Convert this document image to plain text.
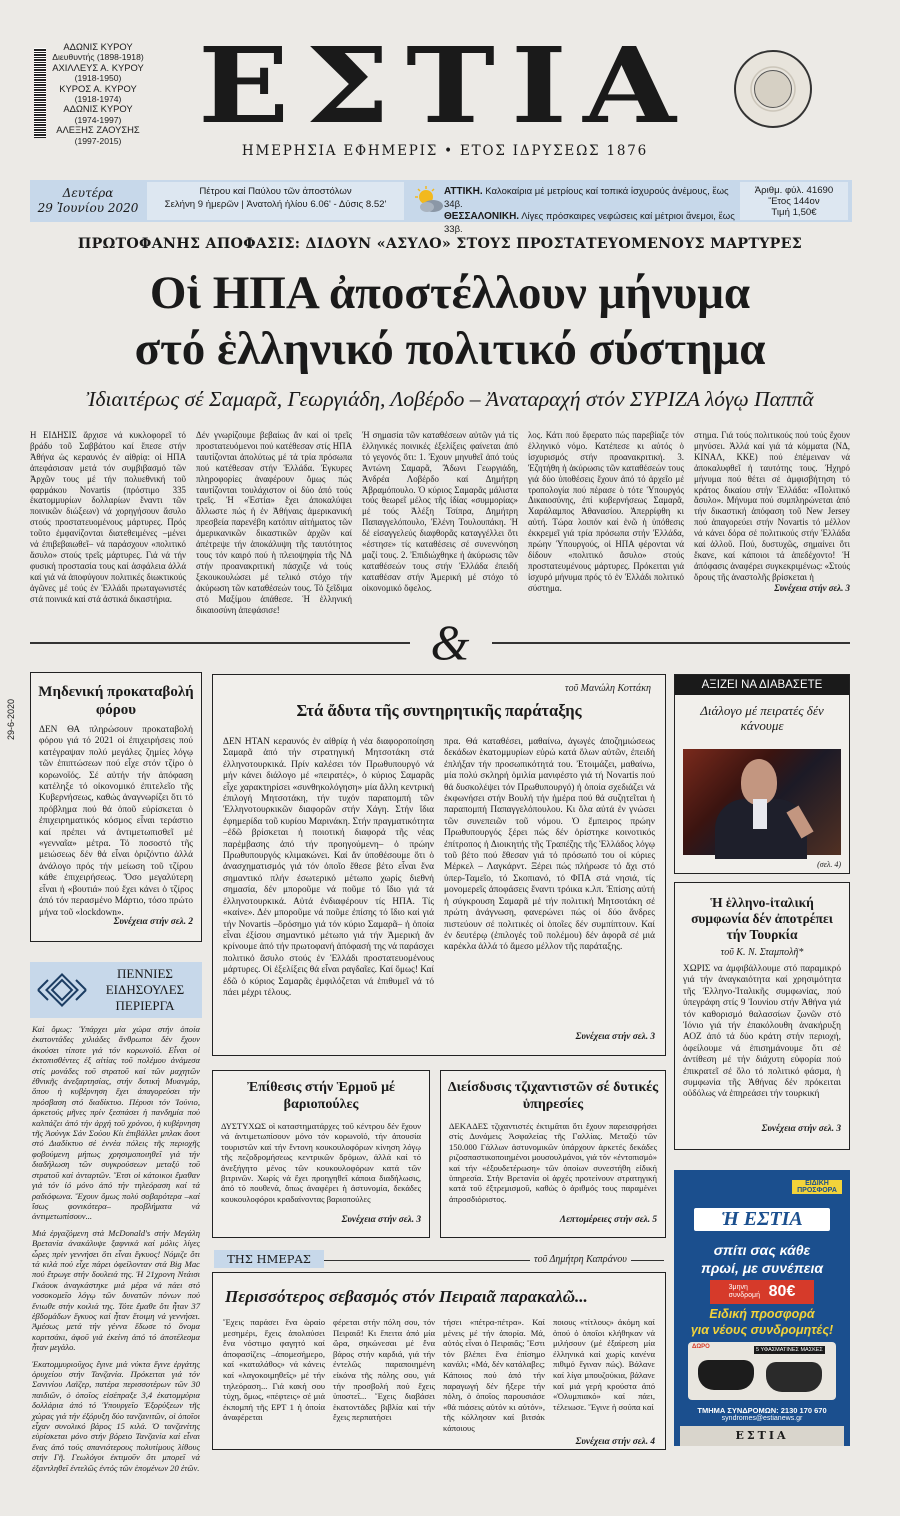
ΑΔΩΝΙΣ ΚΥΡΟΥ
Διευθυντής (1898-1918)
ΑΧΙΛΛΕΥΣ Α. ΚΥΡΟΥ
(1918-1950)
ΚΥΡΟΣ Α. ΚΥΡΟΥ
(1918-1974)
ΑΔΩΝΙΣ ΚΥΡΟΥ
(1974-1997)
ΑΛΕΞΗΣ ΖΑΟΥΣΗΣ
(1997-2015) ΕΣΤΙΑ
ΗΜΕΡΗΣΙΑ ΕΦΗΜΕΡΙΣ • ΕΤΟΣ ΙΔΡΥΣΕΩΣ 1876
Δευτέρα
29 Ἰουνίου 2020
Πέτρου καί Παύλου τῶν ἀποστόλων
Σελήνη 9 ἡμερῶν | Ἀνατολή ἡλίου 6.06' - Δύσις 8.52'
ΑΤΤΙΚΗ. Καλοκαίρια μέ μετρίους καί τοπικά ἰσχυρούς ἀνέμους, ἕως 34β.
ΘΕΣΣΑΛΟΝΙΚΗ. Λίγες πρόσκαιρες νεφώσεις καί μέτριοι ἄνεμοι, ἕως 33β.
Ἀριθμ. φύλ. 41690
Ἔτος 144ον
Τιμή 1,50€
ΠΡΩΤΟΦΑΝΗΣ ΑΠΟΦΑΣΙΣ: ΔΙΔΟΥΝ «ΑΣΥΛΟ» ΣΤΟΥΣ ΠΡΟΣΤΑΤΕΥΟΜΕΝΟΥΣ ΜΑΡΤΥΡΕΣ
Οἱ ΗΠΑ ἀποστέλλουν μήνυμα
στό ἑλληνικό πολιτικό σύστημα
Ἰδιαιτέρως σέ Σαμαρᾶ, Γεωργιάδη, Λοβέρδο – Ἀναταραχή στόν ΣΥΡΙΖΑ λόγῳ Παππᾶ
Η ΕΙΔΗΣΙΣ ἄρχισε νά κυκλοφορεῖ τό βράδυ τοῦ Σαββάτου καί ἔπεσε στήν Ἀθήνα ὡς κεραυνός ἐν αἰθρίᾳ: οἱ ΗΠΑ ἀπεφάσισαν μετά τόν συμβιβασμό τῶν Ἀρχῶν τους μέ τήν πολυεθνική τοῦ φαρμάκου Novartis (πρόστιμο 335 ἑκατομμυρίων δολλαρίων ἔναντι τῶν ποινικῶν διώξεων) νά χορηγήσουν ἄσυλο στούς προστατευομένους μάρτυρες. Πρός τοῦτο ἐμφανίζονται διατεθειμένες –μένει νά ἐπιβεβαιωθεῖ– νά παράσχουν «πολιτικό ἄσυλο» στούς τρεῖς μάρτυρες. Γιά νά τήν φυσική προστασία τους καί ἀσφάλεια ἀλλά καί γιά νά ἀποφύγουν πολιτικές διωκτικούς ἀγῶνες μέ τούς ἐν Ἑλλάδι πρωταγωνιστές στά ποινικά καί στά ἀστικά δικαστήρια.
Δέν γνωρίζουμε βεβαίως ἄν καί οἱ τρεῖς προστατευόμενοι πού κατέθεσαν στίς ΗΠΑ ταυτίζονται ἀπολύτως μέ τά τρία πρόσωπα πού κατέθεσαν στήν Ἑλλάδα. Ἐγκυρες πληροφορίες ἀναφέρουν ὅμως πώς ταυτίζονται τουλάχιστον οἱ δύο ἀπό τούς τρεῖς. Ἡ «Ἑστία» ἔχει ἀποκαλύψει ἄλλωστε πώς ἡ ἐν Ἀθήναις ἀμερικανική πρεσβεία παρενέβη κατόπιν αἰτήματος τῶν ἀμερικανικῶν δικαστικῶν ἀρχῶν καί ἀπέτρεψε τήν ἀποκάλυψη τῆς ταυτότητος τους τόν καιρό πού ἡ πλειοψηφία τῆς ΝΔ στήν προανακριτική πάσχιζε νά τούς ξεκουκουλώσει μέ τελικό στόχο τήν ἀκύρωση τῶν καταθέσεών τους. Τό ξεῖδιμα στό Μαξίμου ἀπάθεσε. Ἡ ἑλληνική δικαιοσύνη ἀπεφάσισε!
Ἡ σημασία τῶν καταθέσεων αὐτῶν γιά τίς ἑλληνικές ποινικές ἐξελίξεις φαίνεται ἀπό τό γεγονός ὅτι: 1. Ἐχουν μηνυθεῖ ἀπό τούς Ἀντώνη Σαμαρᾶ, Ἄδωνι Γεωργιάδη, Ἀνδρέα Λοβέρδο καί Δημήτρη Ἀβραμόπουλο. Ὁ κύριος Σαμαρᾶς μάλιστα τούς θεωρεῖ μέλος τῆς ἰδίας «συμμορίας» μέ τούς Ἀλέξη Τσίπρα, Δημήτρη Παπαγγελόπουλο, Ἐλένη Τουλουπάκη. Ἡ δέ εἰσαγγελεύς διαφθορᾶς καταγγέλλει ὅτι «έστησε» τίς καταθέσεις σέ συνεννόηση μαζί τους. 2. Ἐπιδιώχθηκε ἡ ἀκύρωσις τῶν καταθέσεών τους στήν Ἑλλάδα ἐπειδή καταθέσαν στήν Ἀμερική μέ στόχο τό οἰκονομικό ὄφελος.
λος. Κάτι πού ἔφερατο πώς παρεβίαζε τόν ἑλληνικό νόμο. Κατέπεσε κι αὐτός ὁ ἰσχυρισμός στήν προανακριτική. 3. Ἐζητήθη ἡ ἀκύρωσις τῶν καταθέσεών τους γιά δύο ὑποθέσεις ἔχουν ἀπό τό ἀρχεῖο μέ τροπολογία πού πέρασε ὁ τότε Ὑπουργός Δικαιοσύνης, ἐπί κυβερνήσεως Σαμαρᾶ, Χαράλαμπος Ἀθανασίου. Ἀπερρίφθη κι αὐτή. Τώρα λοιπόν καί ἐνῶ ἡ ὑπόθεσις ἐκκρεμεῖ γιά τρία πρόσωπα στήν Ἑλλάδα, πρώην Ὑπουργούς, οἱ ΗΠΑ φέρονται νά δίδουν «πολιτικό ἄσυλο» στούς προστατευμένους μάρτυρες. Πρόκειται γιά ἰσχυρό μήνυμα πρός τό ἐν Ἑλλάδι πολιτικό σύστημα.
στημα. Γιά τούς πολιτικούς πού τούς ἔχουν μηνύσει. Ἀλλά καί γιά τά κόμματα (ΝΔ, ΚΙΝΑΛ, ΚΚΕ) πού ἐπέμειναν νά ἀποκαλυφθεῖ ἡ ταυτότης τους. Ἠχηρό μήνυμα πού θέτει σέ ἀμφισβήτηση τό κράτος δικαίου στήν Ἑλλάδα: «Πολιτικό ἄσυλο». Μήνυμα πού συμπληρώνεται ἀπό τήν δικαστική ἀπόφαση τοῦ New Jersey πού ἀπαγορεύει στήν Novartis τό μέλλον νά κάνει δόρα σέ πολιτικούς στήν Ἑλλάδα καί ἀλλοῦ. Πού, δυστυχῶς, σημαίνει ὅτι ἔκανε, καί κάποιοι τά ἀπεδέχοντο! Ἡ ἀπόφασις ἀναφέρει συγκεκριμένως: «Στούς ὅρους τῆς ἀναστολῆς βρίσκεται ἡ
Συνέχεια στήν σελ. 3
&
29-6-2020
Μηδενική προκαταβολή φόρου
ΔΕΝ ΘΑ πληρώσουν προκαταβολή φόρου γιά τό 2021 οἱ ἐπιχειρήσεις πού κατέγραψαν πολύ μεγάλες ζημίες λόγῳ τῶν ἐπιπτώσεων πού εἶχε στόν τζίρο ὁ κορωνοϊός. Σέ αὐτήν τήν ἀπόφαση κατέληξε τό οἰκονομικό ἐπιτελεῖο τῆς Κυβερνήσεως, καθώς ἀναγνωρίζει ὅτι τό πρόβλημα πού θά ὁποῦ εὐρίσκεται ὁ ἐπιχειρηματικός κόσμος εἶναι τεράστιο καί πρέπει νά ἀντιμετωπισθεῖ μέ «γενναῖα» μέτρα. Τό ποσοστό τῆς μειώσεως δέν θά εἶναι ὁριζόντιο ἀλλά ἀνάλογο πρός τήν μείωση τοῦ τζίρου κάθε ἐπιχειρήσεως. Ὅσο μεγαλύτερη εἶναι ἡ «βουτιά» πού ἔχει κάνει ὁ τζίρος ἀπό τόν περασμένο Μάρτιο, τόσο πρώτο μήνα τοῦ «lockdown».
Συνέχεια στήν σελ. 2
ΠΕΝΝΙΕΣ ΕΙΔΗΣΟΥΛΕΣ ΠΕΡΙΕΡΓΑ

Καί ὅμως: Ὑπάρχει μία χώρα στήν ὁποία ἑκατοντάδες χιλιάδες ἄνθρωποι δέν ἔχουν ἀκούσει τίποτε γιά τόν κορωνοϊό. Εἶναι οἱ ἐκτοπισθέντες ἐξ αἰτίας τοῦ πολέμου ἀνάμεσα στίς μονάδες τοῦ στρατοῦ καί τῶν μαχητῶν ἐθνικῆς ἀνεξαρτησίας, στήν δυτική Μυανμάρ, ὅπου ἡ κυβέρνηση ἔχει ἀπαγορεύσει τήν πρόσβαση στό διαδίκτυο. Πέρυσι τόν Ἰούνιο, ἀρκετούς μῆνες πρίν ξεσπάσει ἡ πανδημία πού καλπάζει ἀπό τήν ἀρχή τοῦ χρόνου, ἡ κυβέρνηση τῆς Ἀούνγκ Σάν Σούου Κίι ἐπιβάλλει μπλακ ἄουτ στό Διαδίκτυο σέ ἑννέα πόλεις τῆς περιοχῆς φοβούμενη μήπως χρησιμοποιηθεῖ γιά τήν διαδήλωση τῶν συγκρούσεων μεταξύ τοῦ στρατοῦ καί ἀνταρτῶν. Ἔτσι οἱ κάτοικοι ἔμαθαν γιά τόν ἰό μόνο ἀπό τήν τηλεόραση καί τά ραδιόφωνα. Ἔχουν ὅμως πολύ σοβαρότερα –καί ἴσως φονικότερα– προβλήματα νά ἀντιμετωπίσουν...

Μιά ἐργαζόμενη στά McDonald's στήν Μεγάλη Βρετανία ἀνακάλυψε ξαφνικά καί μόλις λίγες ὧρες πρίν γεννήσει ὅτι εἶναι ἔγκυος! Νόμιζε ὅτι τά κιλά πού εἶχε πάρει ὀφείλονταν στά Big Mac πού ἔτρωγε στήν δουλειά της. Ἡ 21χρονη Ντάισι Γκάουκ ἀναγκάστηκε μιά μέρα νά πάει στό νοσοκομεῖο λόγῳ τῶν δυνατῶν πόνων πού ἔνιωθε στήν κοιλιά της. Τότε ἔμαθε ὅτι ἦταν 37 ἑβδομάδων ἔγκυος καί ἦταν ἕτοιμη νά γεννήσει. Ἀμέσως μετά τήν γέννα ἔδωσε τό ὄνομα κοριτσάκι, ἀφοῦ γιά ἐκείνη ἀπό τό ἀποτέλεσμα ἦταν μεγάλο.

Ἑκατομμυριοῦχος ἔγινε μιά νύκτα ἔγινε ἐργάτης ὀρυχείου στήν Τανζανία. Πρόκειται γιά τόν Σανινίου Λαϊζερ, πατέρα περισσοτέρων τῶν 30 παιδιῶν, ὁ ὁποῖος εἰσέπραξε 3,4 ἑκατομμύρια δολλάρια ἀπό τό Ὑπουργεῖο Ἐξορύξεων τῆς χώρας γιά τήν ἐξόρυξη δύο τανζανιτῶν, οἱ ὁποῖοι εἶχαν συνολικό βάρος 15 κιλά. Ὁ τανζανίτης εὑρίσκεται μόνο στήν βόρειο Τανζανία καί εἶναι ἕνας ἀπό τούς σπανιότερους πολυτίμους λίθους στήν Γῆ. Γεωλόγοι ἐκτιμοῦν ὅτι μπορεῖ νά ἐξαντληθεῖ ἐντελῶς ἐντός τῶν ἑπομένων 20 ἐτῶν.

τοῦ Μανώλη Κοττάκη
Στά ἄδυτα τῆς συντηρητικῆς παράταξης
ΔΕΝ ΗΤΑΝ κεραυνός ἐν αἰθρίᾳ ἡ νέα διαφοροποίηση Σαμαρᾶ ἀπό τήν στρατηγική Μητσοτάκη στά ἐλληνοτουρκικά. Πρίν καλέσει τόν Πρωθυπουργό νά μήν κάνει διάλογο μέ «πειρατές», ὁ κύριος Σαμαρᾶς εἶχε χαρακτηρίσει «συνθηκολόγηση» μία ἄλλη κεντρική ἐπιλογή Μητσοτάκη, τήν τυχόν παραπομπή τῶν Ἑλληνοτουρκικῶν διαφορῶν στήν Χάγη. Στήν ἴδια ἐφημερίδα τοῦ κυρίου Μαρινάκη. Στήν πραγματικότητα –ἐδῶ βρίσκεται ἡ ποιοτική διαφορά τῆς νέας παρέμβασης ἀπό τήν προηγούμενη– ὁ πρώην Πρωθυπουργός κλιμακώνει. Καί ἄν ὑποθέσουμε ὅτι ὁ ἀνασχηματισμός γιά τόν ὁποῖο ἔθεσε βέτο εἶναι ἕνα σημαντικό πλήν ἐσωτερικό μέτωπο χωρίς διεθνή σημασία, δέν μποροῦμε νά ποῦμε τό ἴδιο γιά τά ἑλληνοτουρκικά. Αὐτά ἐνδιαφέρουν τίς ΗΠΑ. Τίς «καίνε». Δέν μποροῦμε νά ποῦμε ἐπίσης τό ἴδιο καί γιά τήν Novartis –ὅρόσημο γιά τόν κύριο Σαμαρᾶ– ἡ ὁποία εἶναι ἐξίσου σημαντικό μέτωπο γιά τήν Ἀμερική ἄν κρίνουμε ἀπό τήν πρωτοφανή ἀπόφασή της νά παράσχει πολιτικό ἄσυλο στούς ἐν Ἑλλάδι προστατευομένους μάρτυρες. Οἱ ἐξελίξεις θά εἶναι ραγδαῖες. Καί ὅμως! Καί ἐδῶ ὁ κύριος Σαμαρᾶς ἐμφιλόζεται νά ἐπιθυμεῖ νά τό πάει μέχρι τέλους.
πρα. Θά καταθέσει, μαθαίνω, ἀγωγές ἀποζημιώσεως δεκάδων ἑκατομμυρίων εὐρώ κατά ὅλων αὐτῶν, ἐπειδή ἐπλήξαν τήν προσωπικότητά του. Ἐτοιμάζει, μαθαίνω, μία πολύ σκληρή ὁμιλία μανιφέστο γιά τή Novartis πού θά δυσκολέψει τόν Πρωθυπουργό) ἡ ὁποία σχεδιάζει νά ἐκφωνήσει στήν Βουλή τήν ἡμέρα πού θά συζητεῖται ἡ παραπομπή Παπαγγελόπουλου. Κι ὅλα αὐτά ἐν γνώσει τῶν συνεπειῶν τοῦ νόμου. Ὁ ἔμπειρος πρώην Πρωθυπουργός ξέρει πώς δέν ὁρίστηκε κοινοτικός ἐπίτροπος ἡ Διοικητής τῆς Τραπέζης τῆς Ἑλλάδος λόγῳ τοῦ βέτο πού ἔθεσαν γιά τό πρόσωπό του οἱ κύριες Μέρκελ – Λαγκάρντ. Ξέρει πώς πλήρωσε τό ἄχι στό ὑπερ-Ταμεῖο, τό Σκοπιανό, τό ΦΠΑ στά νησιά, τίς μονομερεῖς ἀποφάσεις ἔναντι τρόικα κ.λπ. Ἐπίσης αὐτή ἡ σύγκρουση Σαμαρᾶ μέ τήν πολιτική Μητσοτάκη σέ πρώτη ἀνάγνωση, φανερώνει πώς οἱ δύο ἄνδρες πιστεύουν σέ πολιτικές οἱ ὁποῖες δέν συμπίπτουν. Καί ἐν δευτέρῳ (ἐπιλογές τοῦ πολέμου) δέν ἀφορᾶ σέ μιά καρέκλα ἀλλά τό ἄμεσο μέλλον τῆς παράταξης.
Συνέχεια στήν σελ. 3
ΑΞΙΖΕΙ ΝΑ ΔΙΑΒΑΣΕΤΕ
Διάλογο μέ πειρατές δέν κάνουμε
(σελ. 4)
Ἡ ἑλληνο-ἰταλική συμφωνία δέν ἀποτρέπει τήν Τουρκία
τοῦ Κ. Ν. Σταμπολῆ*
ΧΩΡΙΣ να ἀμφιβάλλουμε στό παραμικρό γιά τήν ἀναγκαιότητα καί χρησιμότητα τῆς Ἑλληνο-Ἰταλικῆς συμφωνίας, πού ὑπεγράφη στίς 9 Ἰουνίου στήν Ἀθήνα γιά τόν καθορισμό θαλασσίων ζωνῶν στό Ἰόνιο γιά τήν ἐπακόλουθη ἀνακήρυξη ΑΟΖ ἀπό τά δύο κράτη στήν περιοχή, ὀφείλουμε νά ἐπισημάνουμε ὅτι σέ ἀντίθεση μέ τήν διάχυτη εὐφορία πού ἐπικρατεῖ σέ ὅλο τό πολιτικό φάσμα, ἡ συμφωνία τῆς Ἀθήνας δέν πρόκειται οὐδόλως νά ἐπηρεάσει τήν τουρκική
Συνέχεια στήν σελ. 3
Ἐπίθεσις στήν Ἑρμοῦ μέ βαριοπούλες
ΔΥΣΤΥΧΩΣ οἱ καταστηματάρχες τοῦ κέντρου δέν ἔχουν νά ἀντιμετωπίσουν μόνο τόν κορωνοϊό, τήν ἀπουσία τουριστῶν καί τήν ἔντονη κουκουλοφόρων κίνηση λόγῳ τῆς πεζοδρομήσεως κεντρικῶν δρόμων, ἀλλά καί τό ἀνεξήγητο μένος τῶν κουκουλοφόρων κατά τῶν βιτρινῶν. Χωρίς νά ἔχει προηγηθεῖ κάποια διαδήλωσις, ἀπό τό πουθενά, ὅπως ἀναφέρει ἡ ἀστυνομία, δεκάδες κουκουλοφόροι κραδαίνοντας βαριοπούλες
Συνέχεια στήν σελ. 3
Διείσδυσις τζιχαντιστῶν σέ δυτικές ὑπηρεσίες
ΔΕΚΑΔΕΣ τζιχαντιστές ἐκτιμᾶται ὅτι ἔχουν παρεισφρήσει στίς Δυνάμεις Ἀσφαλείας τῆς Γαλλίας. Μεταξύ τῶν 150.000 Γάλλων ἀστυνομικῶν ὑπάρχουν ἀρκετές δεκάδες ριζοσπαστικοποιημένοι μουσουλμάνοι, γιά τόν «ἐντοπισμό» καί τήν «ἐξουδετέρωση» τῶν ὁποίων συνεστήθη εἰδική ὑπηρεσία. Στήν Βρετανία οἱ ἀρχές προτείνουν στρατηγική κατά τοῦ ἐξτρεμισμοῦ, καθώς ὁ ἀριθμός τους παραμένει ἀπροσδιόριστος.
Λεπτομέρειες στήν σελ. 5
ΤΗΣ ΗΜΕΡΑΣ	τοῦ Δημήτρη Καπράνου
Περισσότερος σεβασμός στόν Πειραιᾶ παρακαλῶ...
Ἔχεις παράσει ἕνα ὡραίο μεσημέρι, ἔχεις ἀπολαύσει ἕνα νόστιμο φαγητό καί ἀποφασίζεις –ἀπομεσήμερο, καί «καταλάθος» νά κάνεις καί «λαγοκοιμηθεῖς» μέ τήν τηλεόραση... Γιά κακή σου τύχη, ὅμως, «πέφτεις» σέ μιά ἐκπομπή τῆς ΕΡΤ 1 ἡ ὁποία ἀναφέρεται
φέρεται στήν πόλη σου, τόν Πειραιᾶ! Κι ἔπειτα ἀπό μία ὥρα, σηκώνεσαι μέ ἕνα βάρος στήν καρδιά, γιά τήν ἐντελῶς παραποιημένη εἰκόνα τῆς πόλης σου, γιά τήν προσβολή πού ἔχεις ὑποστεῖ... Ἔχεις διαβάσει ἑκατοντάδες βιβλία καί τήν ἔχεις περπατήσει
τήσει «πέτρα-πέτρα». Καί μένεις μέ τήν ἀπορία. Μά, αὐτός εἶναι ὁ Πειραιᾶς; Ἔστι τόν βλέπει ἕνα ἐπίσημο κανάλι; «Μά, δέν κατάλαβες; Κάποιος πού ἀπό τήν παραγωγή δέν ἤξερε τήν πόλη, ὁ ὁποῖος παρουσιάσε «θά πιάσεις αὐτόν κι αὐτόν», τῆς κόλλησαν καί βιτσάκ κάποιους
ποιους «τίτλους» ἀκόμη καί ὁπού ὁ ὁποῖοι κλήθηκαν νά μιλήσουν (μέ ἐξαίρεση μία ἐλληνικά καί χωρίς κανένα πιθιμό ἔγιναν πώς). Βάλανε καί λίγα μπουζούκια, βάλανε καί μιά γερή κρούστα ἀπό «Ὀλυμπιακό» καί πάει, τέλειωσε. Ἔγινε ἡ σούπα καί
Συνέχεια στήν σελ. 4
ΕΙΔΙΚΗ ΠΡΟΣΦΟΡΑ
Ἡ ΕΣΤΙΑ
σπίτι σας κάθε
πρωί, με συνέπεια
3μηνη συνδρομή 80€
Ειδική προσφορά
για νέους συνδρομητές!
ΔΩΡΟ	5 ΥΦΑΣΜΑΤΙΝΕΣ ΜΑΣΚΕΣ
ΤΜΗΜΑ ΣΥΝΔΡΟΜΩΝ: 2130 170 670
syndromes@estianews.gr
ΕΣΤΙΑ
